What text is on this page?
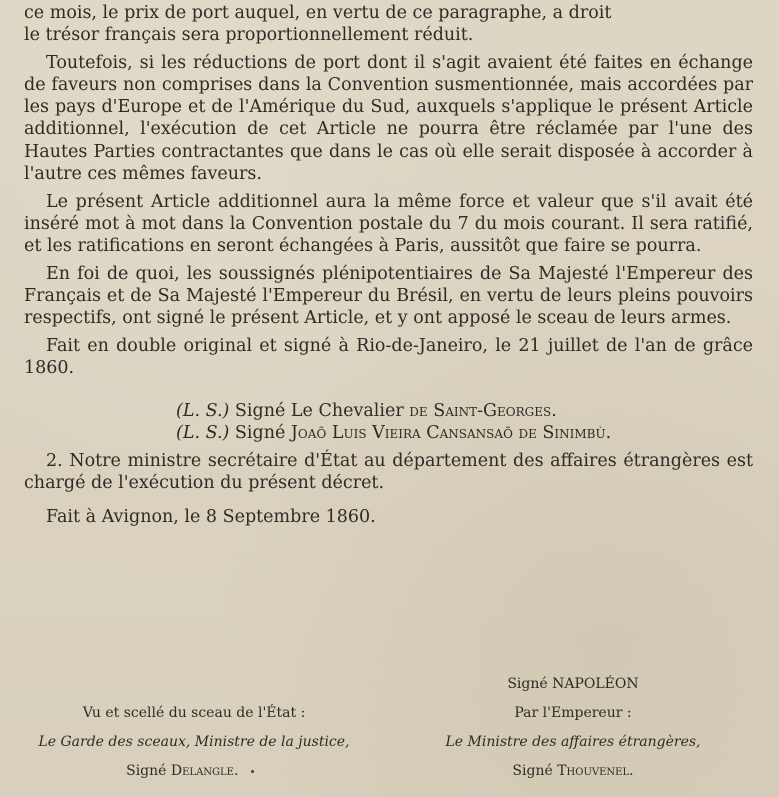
ce mois, le prix de port auquel, en vertu de ce paragraphe, a droit
le trésor français sera proportionnellement réduit.

Toutefois, si les réductions de port dont il s'agit avaient été faites en échange de faveurs non comprises dans la Convention susmentionnée, mais accordées par les pays d'Europe et de l'Amérique du Sud, auxquels s'applique le présent Article additionnel, l'exécution de cet Article ne pourra être réclamée par l'une des Hautes Parties contractantes que dans le cas où elle serait disposée à accorder à l'autre ces mêmes faveurs.

Le présent Article additionnel aura la même force et valeur que s'il avait été inséré mot à mot dans la Convention postale du 7 du mois courant. Il sera ratifié, et les ratifications en seront échangées à Paris, aussitôt que faire se pourra.

En foi de quoi, les soussignés plénipotentiaires de Sa Majesté l'Empereur des Français et de Sa Majesté l'Empereur du Brésil, en vertu de leurs pleins pouvoirs respectifs, ont signé le présent Article, et y ont apposé le sceau de leurs armes.

Fait en double original et signé à Rio-de-Janeiro, le 21 juillet de l'an de grâce 1860.

(L. S.) Signé Le Chevalier de Saint-Georges.
(L. S.) Signé Joaõ Luis Vieira Cansansaõ de Sinimbù.

2. Notre ministre secrétaire d'État au département des affaires étrangères est chargé de l'exécution du présent décret.

Fait à Avignon, le 8 Septembre 1860.

Signé NAPOLÉON
Vu et scellé du sceau de l'État :	Par l'Empereur :
Le Garde des sceaux, Ministre de la justice,	Le Ministre des affaires étrangères,
Signé Delangle.	Signé Thouvenel.
